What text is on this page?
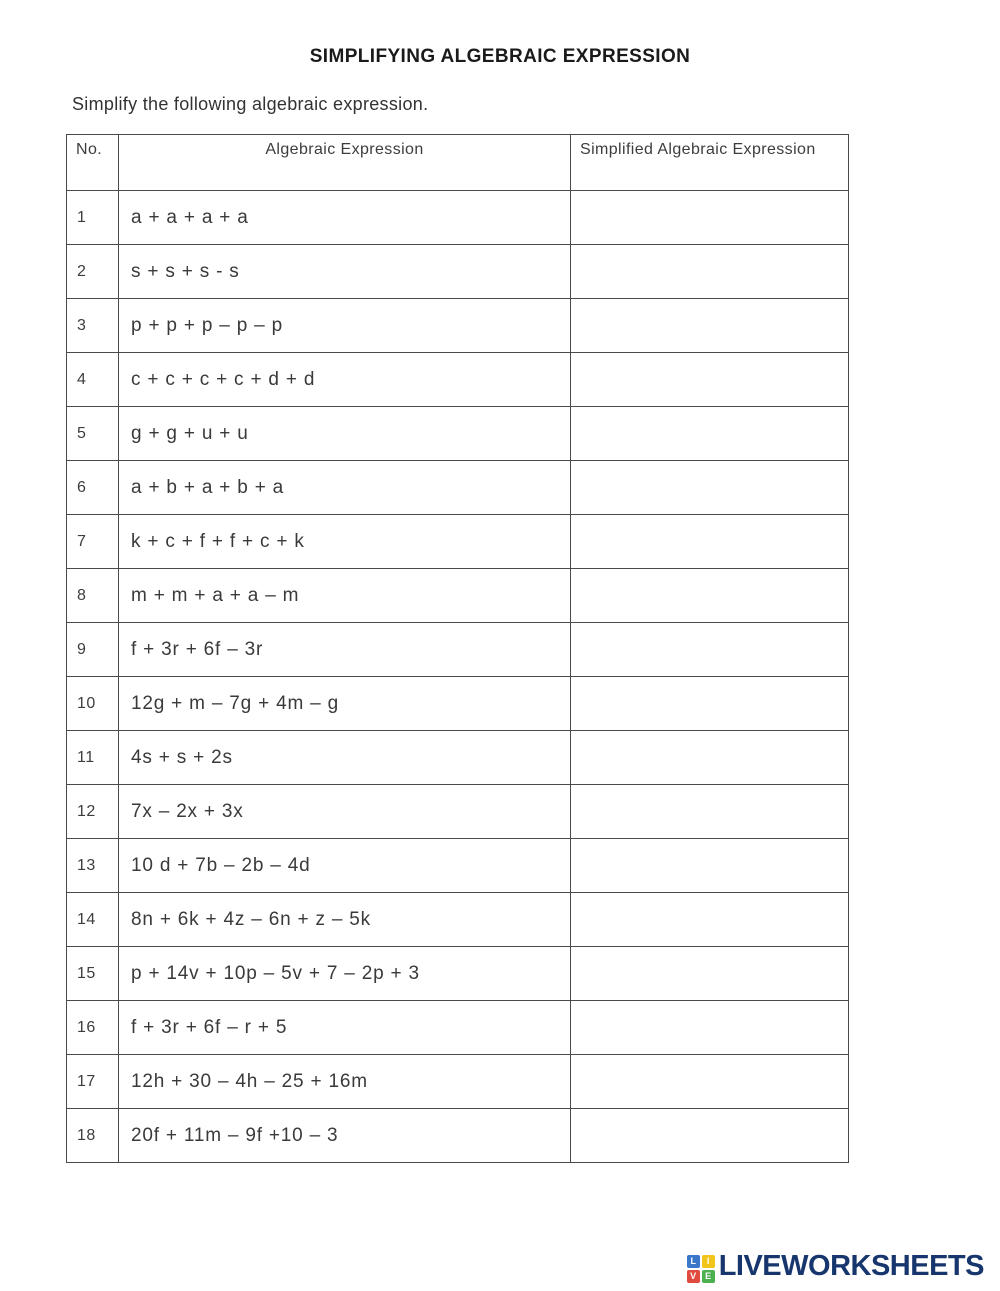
SIMPLIFYING ALGEBRAIC EXPRESSION
Simplify the following algebraic expression.
No.	Algebraic Expression	Simplified Algebraic Expression
1	a + a + a + a	
2	s + s + s - s	
3	p + p + p – p – p	
4	c + c + c + c + d + d	
5	g + g + u + u	
6	a + b + a + b + a	
7	k + c + f + f + c + k	
8	m + m + a + a – m	
9	f + 3r + 6f – 3r	
10	12g + m – 7g + 4m – g	
11	4s + s + 2s	
12	7x – 2x + 3x	
13	10 d + 7b – 2b – 4d	
14	8n + 6k + 4z – 6n + z – 5k	
15	p + 14v + 10p – 5v + 7 – 2p + 3	
16	f + 3r + 6f – r + 5	
17	12h + 30 – 4h – 25 + 16m	
18	20f + 11m – 9f +10 – 3	
L	I
V E LIVEWORKSHEETS
